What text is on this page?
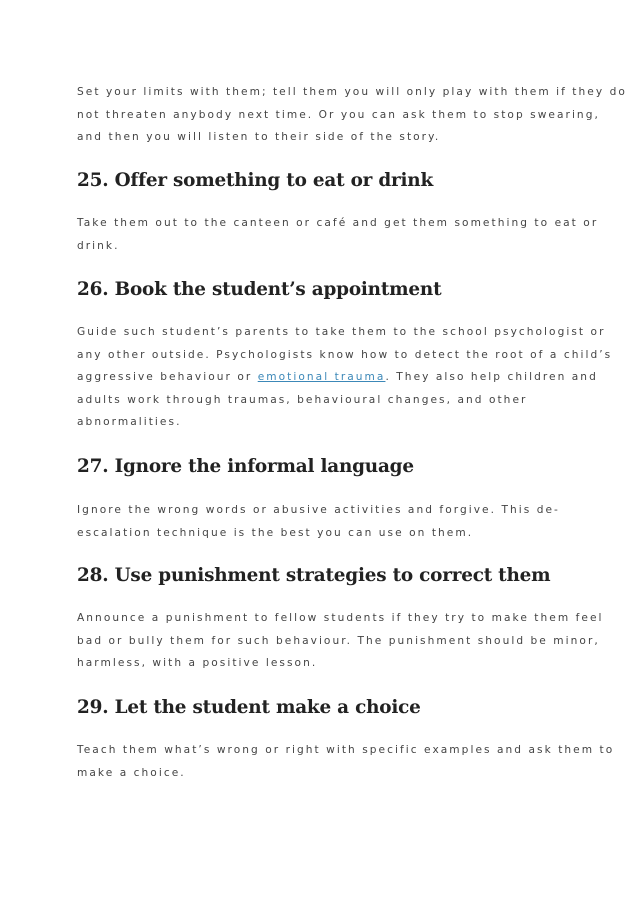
Set your limits with them; tell them you will only play with them if they do
not threaten anybody next time. Or you can ask them to stop swearing,
and then you will listen to their side of the story.
25. Offer something to eat or drink
Take them out to the canteen or café and get them something to eat or
drink.
26. Book the student’s appointment
Guide such student’s parents to take them to the school psychologist or
any other outside. Psychologists know how to detect the root of a child’s
aggressive behaviour or emotional trauma. They also help children and
adults work through traumas, behavioural changes, and other
abnormalities.
27. Ignore the informal language
Ignore the wrong words or abusive activities and forgive. This de-
escalation technique is the best you can use on them.
28. Use punishment strategies to correct them
Announce a punishment to fellow students if they try to make them feel
bad or bully them for such behaviour. The punishment should be minor,
harmless, with a positive lesson.
29. Let the student make a choice
Teach them what’s wrong or right with specific examples and ask them to
make a choice.
